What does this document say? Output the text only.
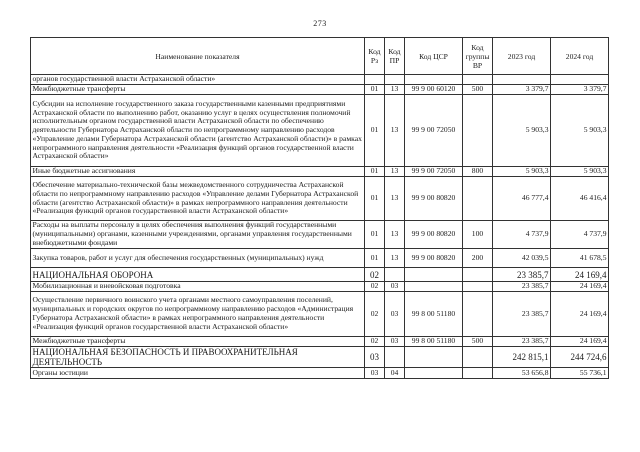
273
Наименование показателя	Код Рз	Код ПР	Код ЦСР	Код группы ВР	2023 год	2024 год
органов государственной власти Астраханской области»						
Межбюджетные трансферты	01	13	99 9 00 60120	500	3 379,7	3 379,7
Субсидии на исполнение государственного заказа государственными казенными предприятиями Астраханской области по выполнению работ, оказанию услуг в целях осуществления полномочий исполнительным органом государственной власти Астраханской области по обеспечению деятельности Губернатора Астраханской области по непрограммному направлению расходов «Управление делами Губернатора Астраханской области (агентство Астраханской области)» в рамках непрограммного направления деятельности «Реализация функций органов государственной власти Астраханской области»	01	13	99 9 00 72050		5 903,3	5 903,3
Иные бюджетные ассигнования	01	13	99 9 00 72050	800	5 903,3	5 903,3
Обеспечение материально-технической базы межведомственного сотрудничества Астраханской области по непрограммному направлению расходов «Управление делами Губернатора Астраханской области (агентство Астраханской области)» в рамках непрограммного направления деятельности «Реализация функций органов государственной власти Астраханской области»	01	13	99 9 00 80820		46 777,4	46 416,4
Расходы на выплаты персоналу в целях обеспечения выполнения функций государственными (муниципальными) органами, казенными учреждениями, органами управления государственными внебюджетными фондами	01	13	99 9 00 80820	100	4 737,9	4 737,9
Закупка товаров, работ и услуг для обеспечения государственных (муниципальных) нужд	01	13	99 9 00 80820	200	42 039,5	41 678,5
НАЦИОНАЛЬНАЯ ОБОРОНА	02				23 385,7	24 169,4
Мобилизационная и вневойсковая подготовка	02	03			23 385,7	24 169,4
Осуществление первичного воинского учета органами местного самоуправления поселений, муниципальных и городских округов по непрограммному направлению расходов «Администрация Губернатора Астраханской области» в рамках непрограммного направления деятельности «Реализация функций органов государственной власти Астраханской области»	02	03	99 8 00 51180		23 385,7	24 169,4
Межбюджетные трансферты	02	03	99 8 00 51180	500	23 385,7	24 169,4
НАЦИОНАЛЬНАЯ БЕЗОПАСНОСТЬ И ПРАВООХРАНИТЕЛЬНАЯ ДЕЯТЕЛЬНОСТЬ	03				242 815,1	244 724,6
Органы юстиции	03	04			53 656,8	55 736,1
